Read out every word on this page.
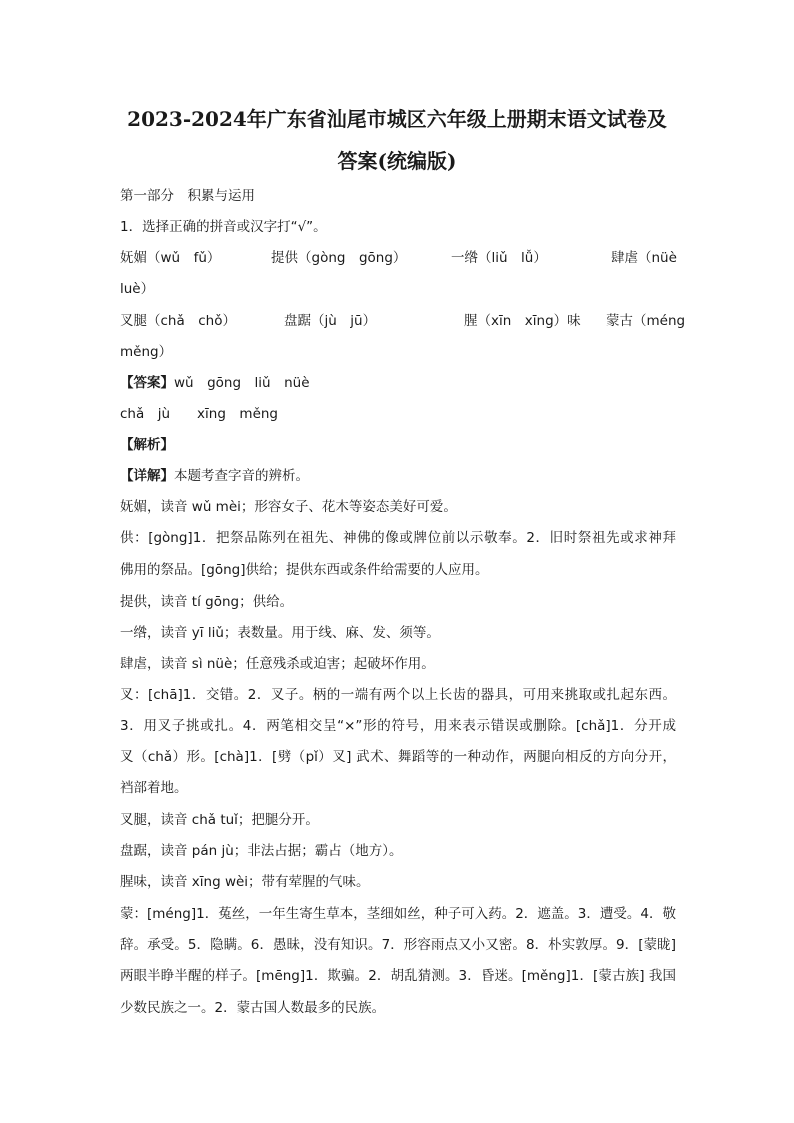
2023-2024年广东省汕尾市城区六年级上册期末语文试卷及
答案(统编版)
第一部分　积累与运用
1．选择正确的拼音或汉字打“√”。
妩媚（wǔ　fǔ）	提供（gòng　gōng）	一绺（liǔ　lǚ）	肆虐（nüè
luè）
叉腿（chǎ　chǒ）	盘踞（jù　jū）	腥（xīn　xīng）味 蒙古（méng
měng）
【答案】wǔ　gōng　liǔ　nüè
chǎ　jù　　xīng　měng
【解析】
【详解】本题考查字音的辨析。
妩媚，读音 wǔ mèi；形容女子、花木等姿态美好可爱。
供：[gòng]1．把祭品陈列在祖先、神佛的像或牌位前以示敬奉。2．旧时祭祖先或求神拜
佛用的祭品。[gōng]供给；提供东西或条件给需要的人应用。
提供，读音 tí gōng；供给。
一绺，读音 yī liǔ；表数量。用于线、麻、发、须等。
肆虐，读音 sì nüè；任意残杀或迫害；起破坏作用。
叉：[chā]1．交错。2．叉子。柄的一端有两个以上长齿的器具，可用来挑取或扎起东西。
3．用叉子挑或扎。4．两笔相交呈“×”形的符号，用来表示错误或删除。[chǎ]1．分开成
叉（chǎ）形。[chà]1．[劈（pǐ）叉] 武术、舞蹈等的一种动作，两腿向相反的方向分开，
裆部着地。
叉腿，读音 chǎ tuǐ；把腿分开。
盘踞，读音 pán jù；非法占据；霸占（地方）。
腥味，读音 xīng wèi；带有荤腥的气味。
蒙：[méng]1．菟丝，一年生寄生草本，茎细如丝，种子可入药。2．遮盖。3．遭受。4．敬
辞。承受。5．隐瞒。6．愚昧，没有知识。7．形容雨点又小又密。8．朴实敦厚。9．[蒙眬]
两眼半睁半醒的样子。[mēng]1．欺骗。2．胡乱猜测。3．昏迷。[měng]1．[蒙古族] 我国
少数民族之一。2．蒙古国人数最多的民族。
